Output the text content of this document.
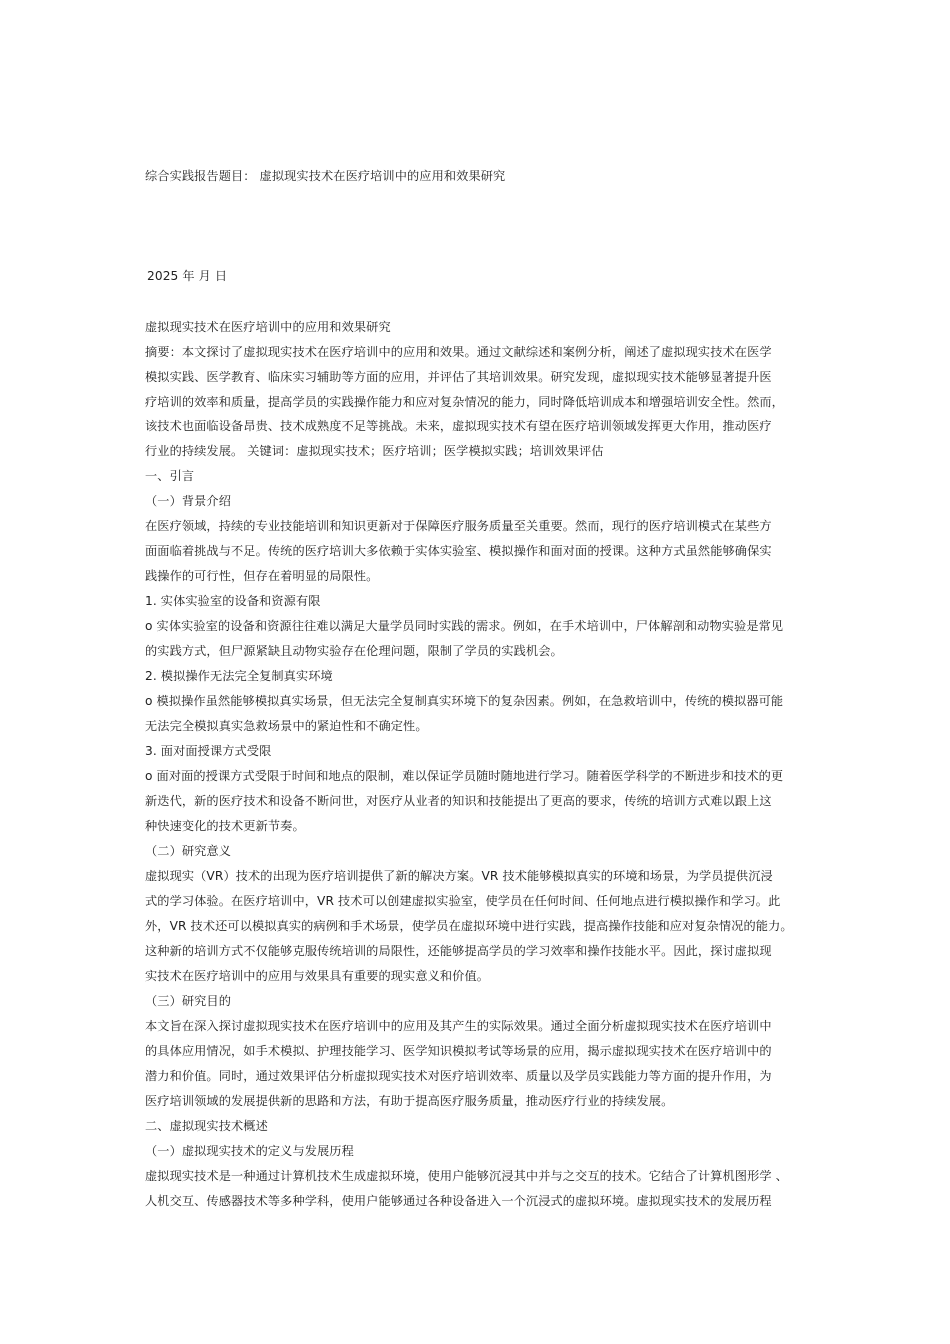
综合实践报告题目： 虚拟现实技术在医疗培训中的应用和效果研究
2025 年 月 日
虚拟现实技术在医疗培训中的应用和效果研究
摘要：本文探讨了虚拟现实技术在医疗培训中的应用和效果。通过文献综述和案例分析，阐述了虚拟现实技术在医学
模拟实践、医学教育、临床实习辅助等方面的应用，并评估了其培训效果。研究发现，虚拟现实技术能够显著提升医
疗培训的效率和质量，提高学员的实践操作能力和应对复杂情况的能力，同时降低培训成本和增强培训安全性。然而，
该技术也面临设备昂贵、技术成熟度不足等挑战。未来，虚拟现实技术有望在医疗培训领域发挥更大作用，推动医疗
行业的持续发展。 关键词：虚拟现实技术；医疗培训；医学模拟实践；培训效果评估
一、引言
（一）背景介绍
在医疗领域，持续的专业技能培训和知识更新对于保障医疗服务质量至关重要。然而，现行的医疗培训模式在某些方
面面临着挑战与不足。传统的医疗培训大多依赖于实体实验室、模拟操作和面对面的授课。这种方式虽然能够确保实
践操作的可行性，但存在着明显的局限性。
1. 实体实验室的设备和资源有限
o 实体实验室的设备和资源往往难以满足大量学员同时实践的需求。例如，在手术培训中，尸体解剖和动物实验是常见
的实践方式，但尸源紧缺且动物实验存在伦理问题，限制了学员的实践机会。
2. 模拟操作无法完全复制真实环境
o 模拟操作虽然能够模拟真实场景，但无法完全复制真实环境下的复杂因素。例如，在急救培训中，传统的模拟器可能
无法完全模拟真实急救场景中的紧迫性和不确定性。
3. 面对面授课方式受限
o 面对面的授课方式受限于时间和地点的限制，难以保证学员随时随地进行学习。随着医学科学的不断进步和技术的更
新迭代，新的医疗技术和设备不断问世，对医疗从业者的知识和技能提出了更高的要求，传统的培训方式难以跟上这
种快速变化的技术更新节奏。
（二）研究意义
虚拟现实（VR）技术的出现为医疗培训提供了新的解决方案。VR 技术能够模拟真实的环境和场景，为学员提供沉浸
式的学习体验。在医疗培训中，VR 技术可以创建虚拟实验室，使学员在任何时间、任何地点进行模拟操作和学习。此
外，VR 技术还可以模拟真实的病例和手术场景，使学员在虚拟环境中进行实践，提高操作技能和应对复杂情况的能力。
这种新的培训方式不仅能够克服传统培训的局限性，还能够提高学员的学习效率和操作技能水平。因此，探讨虚拟现
实技术在医疗培训中的应用与效果具有重要的现实意义和价值。
（三）研究目的
本文旨在深入探讨虚拟现实技术在医疗培训中的应用及其产生的实际效果。通过全面分析虚拟现实技术在医疗培训中
的具体应用情况，如手术模拟、护理技能学习、医学知识模拟考试等场景的应用，揭示虚拟现实技术在医疗培训中的
潜力和价值。同时，通过效果评估分析虚拟现实技术对医疗培训效率、质量以及学员实践能力等方面的提升作用，为
医疗培训领域的发展提供新的思路和方法，有助于提高医疗服务质量，推动医疗行业的持续发展。
二、虚拟现实技术概述
（一）虚拟现实技术的定义与发展历程
虚拟现实技术是一种通过计算机技术生成虚拟环境，使用户能够沉浸其中并与之交互的技术。它结合了计算机图形学 、
人机交互、传感器技术等多种学科，使用户能够通过各种设备进入一个沉浸式的虚拟环境。虚拟现实技术的发展历程
